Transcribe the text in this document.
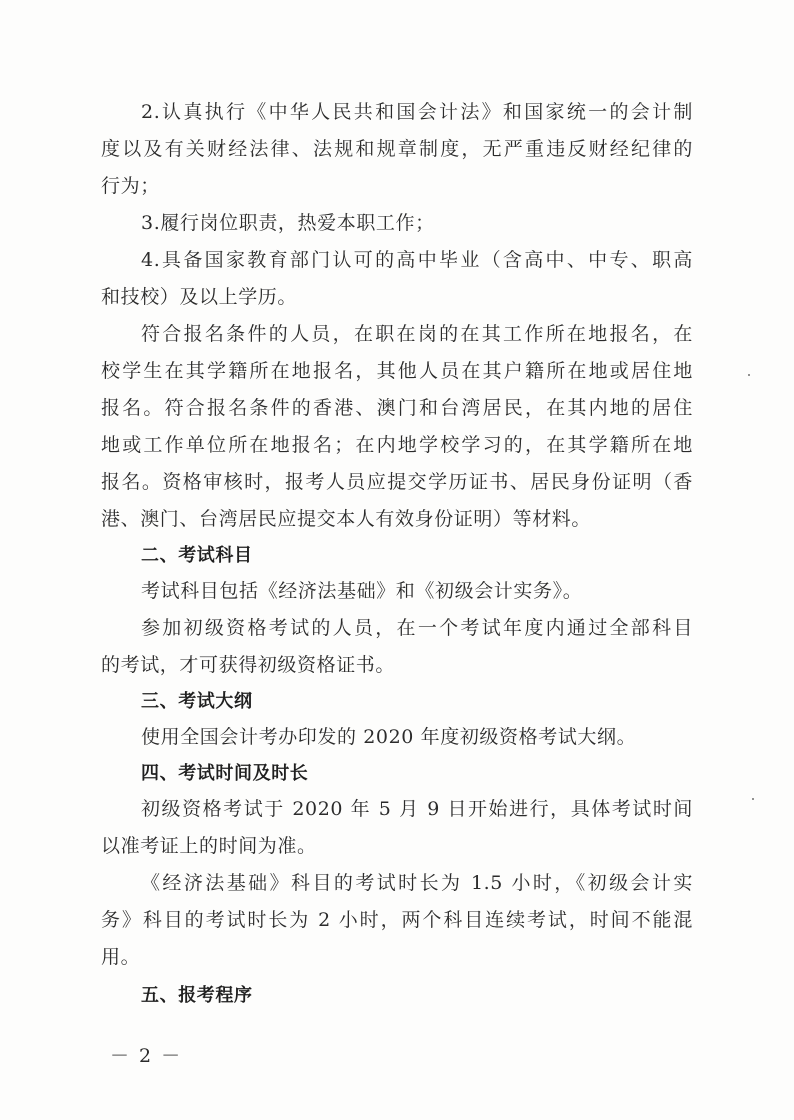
2.认真执行《中华人民共和国会计法》和国家统一的会计制
度以及有关财经法律、法规和规章制度，无严重违反财经纪律的
行为；
3.履行岗位职责，热爱本职工作；
4.具备国家教育部门认可的高中毕业（含高中、中专、职高
和技校）及以上学历。
符合报名条件的人员，在职在岗的在其工作所在地报名，在
校学生在其学籍所在地报名，其他人员在其户籍所在地或居住地
报名。符合报名条件的香港、澳门和台湾居民，在其内地的居住
地或工作单位所在地报名；在内地学校学习的，在其学籍所在地
报名。资格审核时，报考人员应提交学历证书、居民身份证明（香
港、澳门、台湾居民应提交本人有效身份证明）等材料。
二、考试科目
考试科目包括《经济法基础》和《初级会计实务》。
参加初级资格考试的人员，在一个考试年度内通过全部科目
的考试，才可获得初级资格证书。
三、考试大纲
使用全国会计考办印发的 2020 年度初级资格考试大纲。
四、考试时间及时长
初级资格考试于 2020 年 5 月 9 日开始进行，具体考试时间
以准考证上的时间为准。
《经济法基础》科目的考试时长为 1.5 小时，《初级会计实
务》科目的考试时长为 2 小时，两个科目连续考试，时间不能混
用。
五、报考程序
－ 2 －
